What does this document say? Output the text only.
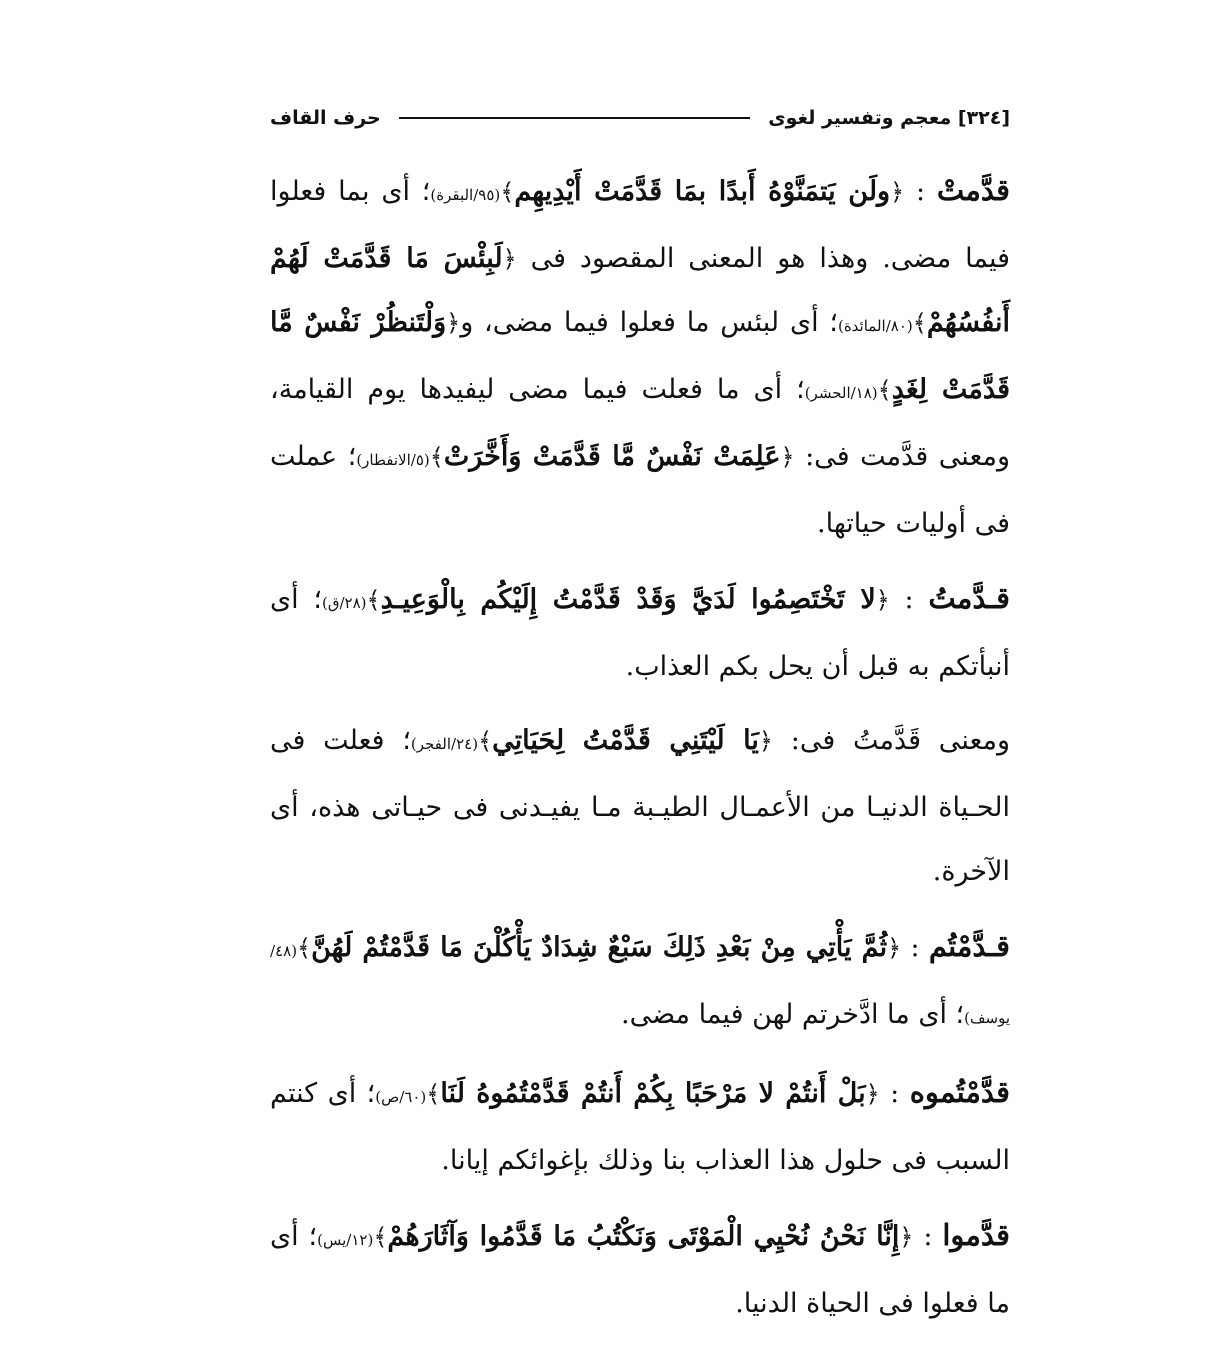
[٣٢٤] معجم وتفسير لغوى
حرف القاف
قدَّمتْ : ﴿ولَن يَتمَنَّوْهُ أَبدًا بمَا قَدَّمَتْ أَيْدِيهِم﴾(٩٥/البقرة)؛ أى بما فعلوا فيما مضى. وهذا هو المعنى المقصود فى ﴿لَبِئْسَ مَا قَدَّمَتْ لَهُمْ أَنفُسُهُمْ﴾(٨٠/المائدة)؛ أى لبئس ما فعلوا فيما مضى، و﴿وَلْتَنظُرْ نَفْسٌ مَّا قَدَّمَتْ لِغَدٍ﴾(١٨/الحشر)؛ أى ما فعلت فيما مضى ليفيدها يوم القيامة، ومعنى قدَّمت فى: ﴿عَلِمَتْ نَفْسٌ مَّا قَدَّمَتْ وَأَخَّرَتْ﴾(٥/الانفطار)؛ عملت فى أوليات حياتها.
قـدَّمتُ : ﴿لا تَخْتَصِمُوا لَدَيَّ وَقَدْ قَدَّمْتُ إِلَيْكُم بِالْوَعِيـدِ﴾(٢٨/ق)؛ أى أنبأتكم به قبل أن يحل بكم العذاب.
ومعنى قَدَّمتُ فى: ﴿يَا لَيْتَنِي قَدَّمْتُ لِحَيَاتِي﴾(٢٤/الفجر)؛ فعلت فى الحـياة الدنيـا من الأعمـال الطيـبة مـا يفيـدنى فى حيـاتى هذه، أى الآخرة.
قـدَّمْتُم : ﴿ثُمَّ يَأْتِي مِنْ بَعْدِ ذَلِكَ سَبْعٌ شِدَادٌ يَأْكُلْنَ مَا قَدَّمْتُمْ لَهُنَّ﴾(٤٨/يوسف)؛ أى ما ادَّخرتم لهن فيما مضى.
قدَّمْتُموه : ﴿بَلْ أَنتُمْ لا مَرْحَبًا بِكُمْ أَنتُمْ قَدَّمْتُمُوهُ لَنَا﴾(٦٠/ص)؛ أى كنتم السبب فى حلول هذا العذاب بنا وذلك بإغوائكم إيانا.
قدَّموا : ﴿إِنَّا نَحْنُ نُحْيِي الْمَوْتَى وَنَكْتُبُ مَا قَدَّمُوا وَآثَارَهُمْ﴾(١٢/يس)؛ أى ما فعلوا فى الحياة الدنيا.
